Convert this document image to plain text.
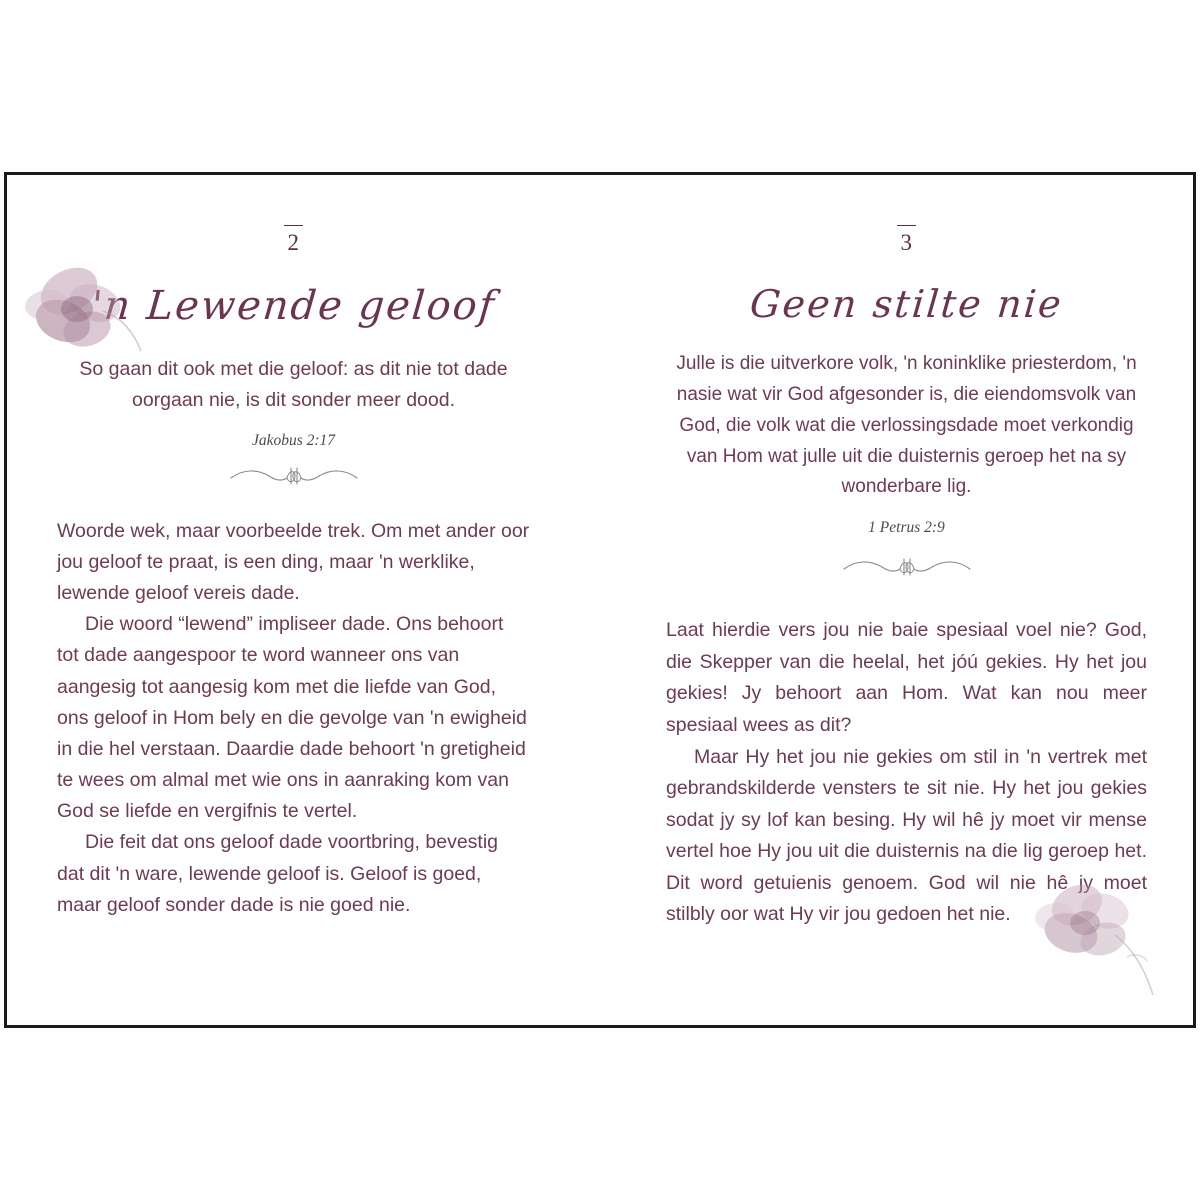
2
'n Lewende geloof
So gaan dit ook met die geloof: as dit nie tot dade oorgaan nie, is dit sonder meer dood.
Jakobus 2:17

Woorde wek, maar voorbeelde trek. Om met ander oor jou geloof te praat, is een ding, maar 'n werklike, lewende geloof vereis dade.

Die woord “lewend” impliseer dade. Ons behoort tot dade aangespoor te word wanneer ons van aangesig tot aangesig kom met die liefde van God, ons geloof in Hom bely en die gevolge van 'n ewigheid in die hel verstaan. Daardie dade behoort 'n gretigheid te wees om almal met wie ons in aanraking kom van God se liefde en vergifnis te vertel.

Die feit dat ons geloof dade voortbring, bevestig dat dit 'n ware, lewende geloof is. Geloof is goed, maar geloof sonder dade is nie goed nie.

3
Geen stilte nie
Julle is die uitverkore volk, 'n koninklike priesterdom, 'n nasie wat vir God afgesonder is, die eiendomsvolk van God, die volk wat die verlossingsdade moet verkondig van Hom wat julle uit die duisternis geroep het na sy wonderbare lig.
1 Petrus 2:9

Laat hierdie vers jou nie baie spesiaal voel nie? God, die Skepper van die heelal, het jóú gekies. Hy het jou gekies! Jy behoort aan Hom. Wat kan nou meer spesiaal wees as dit?

Maar Hy het jou nie gekies om stil in 'n vertrek met gebrandskilderde vensters te sit nie. Hy het jou gekies sodat jy sy lof kan besing. Hy wil hê jy moet vir mense vertel hoe Hy jou uit die duisternis na die lig geroep het. Dit word getuienis genoem. God wil nie hê jy moet stilbly oor wat Hy vir jou gedoen het nie.
